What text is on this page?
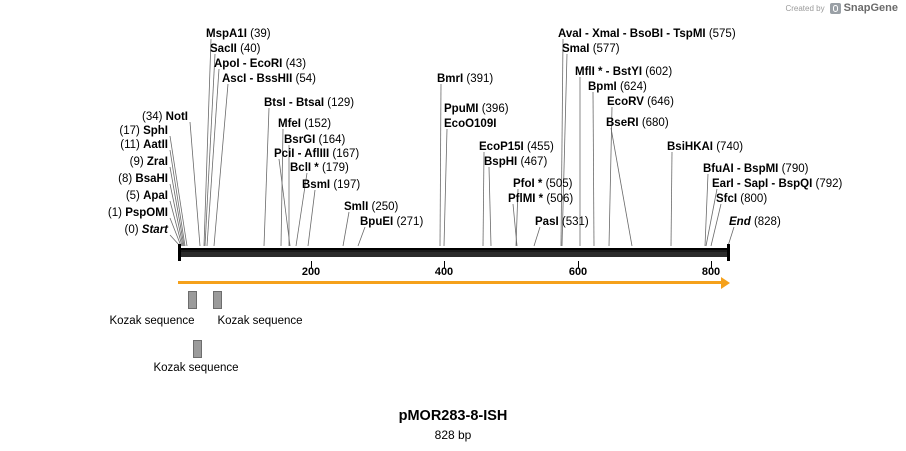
Created by SnapGene
200	400	600	800
Kozak sequence Kozak sequence
Kozak sequence
(0) Start
(1) PspOMI
(5) ApaI
(8) BsaHI
(9) ZraI
(11) AatII
(17) SphI
(34) NotI
MspA1I (39)
SacII (40)
ApoI - EcoRI (43)
AscI - BssHII (54)
BtsI - BtsaI (129)
MfeI (152)
BsrGI (164)
PciI - AflIII (167)
BclI * (179)
BsmI (197)
SmlI (250)
BpuEI (271)
BmrI (391)
PpuMI (396)
EcoO109I
EcoP15I (455)
BspHI (467)
PfoI * (505)
PflMI * (506)
PasI (531)
AvaI - XmaI - BsoBI - TspMI (575)
SmaI (577)
MflI * - BstYI (602)
BpmI (624)
EcoRV (646)
BseRI (680)
BsiHKAI (740)
BfuAI - BspMI (790)
EarI - SapI - BspQI (792)
SfcI (800)
End (828)
pMOR283-8-ISH
828 bp
